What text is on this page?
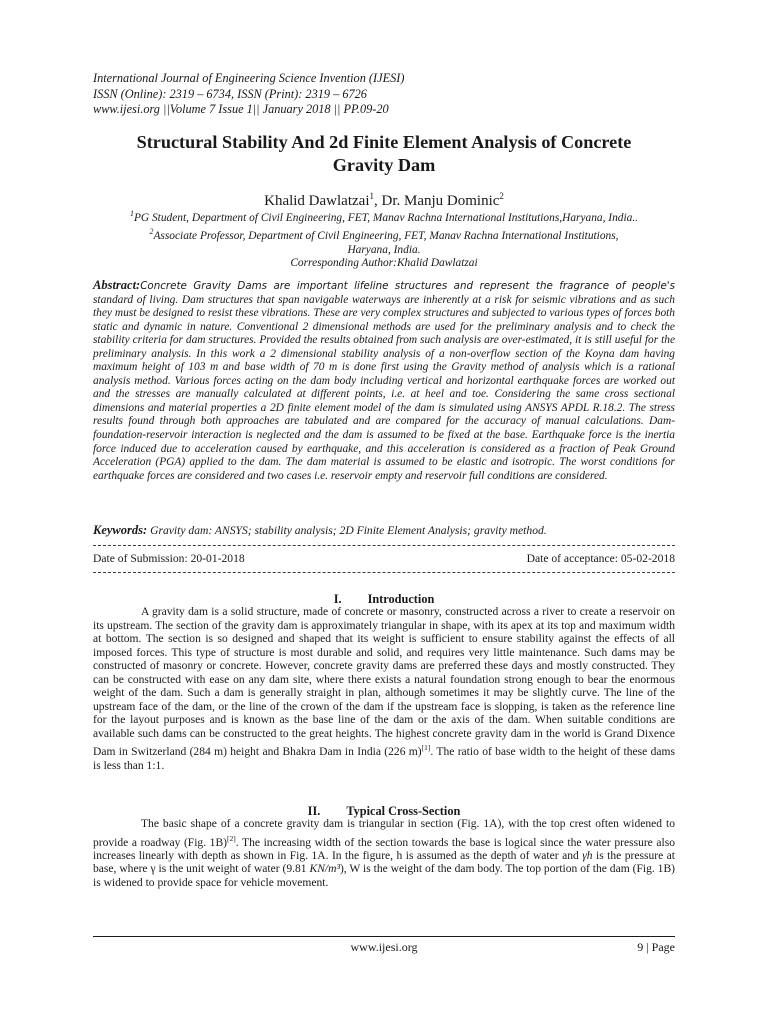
International Journal of Engineering Science Invention (IJESI)
ISSN (Online): 2319 – 6734, ISSN (Print): 2319 – 6726
www.ijesi.org ||Volume 7 Issue 1|| January 2018 || PP.09-20
Structural Stability And 2d Finite Element Analysis of Concrete
Gravity Dam
Khalid Dawlatzai$^1$, Dr. Manju Dominic$^2$
$^1$PG Student, Department of Civil Engineering, FET, Manav Rachna International Institutions,Haryana, India..
$^2$Associate Professor, Department of Civil Engineering, FET, Manav Rachna International Institutions,
Haryana, India.
Corresponding Author:Khalid Dawlatzai
Abstract:Concrete Gravity Dams are important lifeline structures and represent the fragrance of people's standard of living. Dam structures that span navigable waterways are inherently at a risk for seismic vibrations and as such they must be designed to resist these vibrations. These are very complex structures and subjected to various types of forces both static and dynamic in nature. Conventional 2 dimensional methods are used for the preliminary analysis and to check the stability criteria for dam structures. Provided the results obtained from such analysis are over-estimated, it is still useful for the preliminary analysis. In this work a 2 dimensional stability analysis of a non-overflow section of the Koyna dam having maximum height of 103 m and base width of 70 m is done first using the Gravity method of analysis which is a rational analysis method. Various forces acting on the dam body including vertical and horizontal earthquake forces are worked out and the stresses are manually calculated at different points, i.e. at heel and toe. Considering the same cross sectional dimensions and material properties a 2D finite element model of the dam is simulated using ANSYS APDL R.18.2. The stress results found through both approaches are tabulated and are compared for the accuracy of manual calculations. Dam-foundation-reservoir interaction is neglected and the dam is assumed to be fixed at the base. Earthquake force is the inertia force induced due to acceleration caused by earthquake, and this acceleration is considered as a fraction of Peak Ground Acceleration (PGA) applied to the dam. The dam material is assumed to be elastic and isotropic. The worst conditions for earthquake forces are considered and two cases i.e. reservoir empty and reservoir full conditions are considered.
Keywords: Gravity dam: ANSYS; stability analysis; 2D Finite Element Analysis; gravity method.
Date of Submission: 20-01-2018	Date of acceptance: 05-02-2018
I. Introduction
A gravity dam is a solid structure, made of concrete or masonry, constructed across a river to create a reservoir on its upstream. The section of the gravity dam is approximately triangular in shape, with its apex at its top and maximum width at bottom. The section is so designed and shaped that its weight is sufficient to ensure stability against the effects of all imposed forces. This type of structure is most durable and solid, and requires very little maintenance. Such dams may be constructed of masonry or concrete. However, concrete gravity dams are preferred these days and mostly constructed. They can be constructed with ease on any dam site, where there exists a natural foundation strong enough to bear the enormous weight of the dam. Such a dam is generally straight in plan, although sometimes it may be slightly curve. The line of the upstream face of the dam, or the line of the crown of the dam if the upstream face is slopping, is taken as the reference line for the layout purposes and is known as the base line of the dam or the axis of the dam. When suitable conditions are available such dams can be constructed to the great heights. The highest concrete gravity dam in the world is Grand Dixence Dam in Switzerland (284 m) height and Bhakra Dam in India (226 m)[1]. The ratio of base width to the height of these dams is less than 1:1.
II. Typical Cross-Section
The basic shape of a concrete gravity dam is triangular in section (Fig. 1A), with the top crest often widened to provide a roadway (Fig. 1B)[2]. The increasing width of the section towards the base is logical since the water pressure also increases linearly with depth as shown in Fig. 1A. In the figure, h is assumed as the depth of water and γh is the pressure at base, where γ is the unit weight of water (9.81 KN/m³), W is the weight of the dam body. The top portion of the dam (Fig. 1B) is widened to provide space for vehicle movement.
www.ijesi.org	9 | Page
